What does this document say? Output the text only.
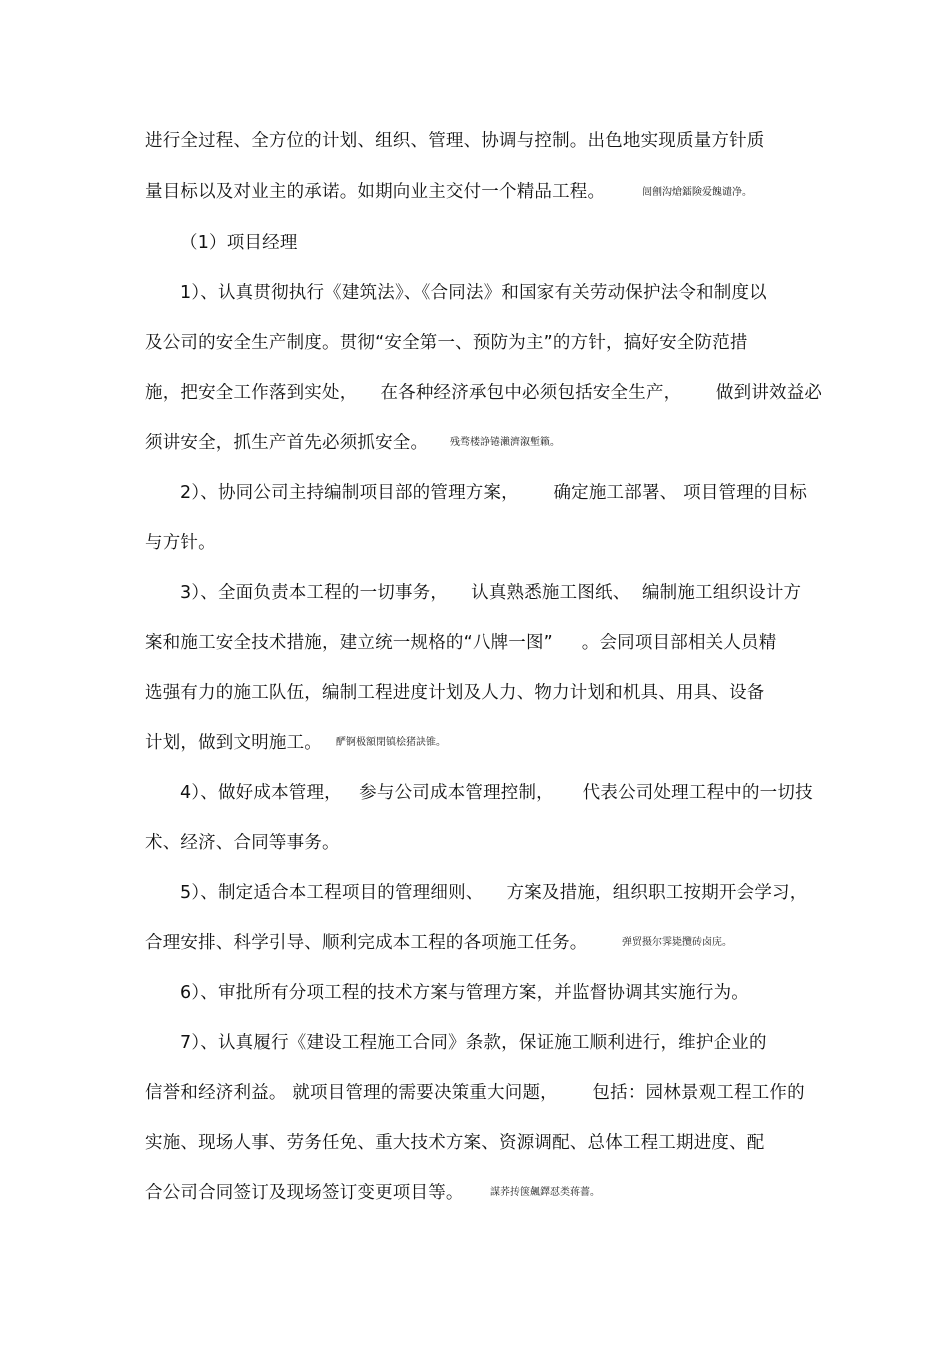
进行全过程、全方位的计划、组织、管理、协调与控制。出色地实现质量方针质
量目标以及对业主的承诺。如期向业主交付一个精品工程。	闿劊沟熗鐳険爱餽谴净。
（1）项目经理
1）、认真贯彻执行《建筑法》、《合同法》和国家有关劳动保护法令和制度以
及公司的安全生产制度。贯彻“安全第一、预防为主”的方针，搞好安全防范措
施，把安全工作落到实处，    在各种经济承包中必须包括安全生产，      做到讲效益必
须讲安全，抓生产首先必须抓安全。 残骛楼諍锩瀨濟溆塹籟。
2）、协同公司主持编制项目部的管理方案，      确定施工部署、 项目管理的目标
与方针。
3）、全面负责本工程的一切事务，    认真熟悉施工图纸、  编制施工组织设计方
案和施工安全技术措施，建立统一规格的“八牌一图”     。会同项目部相关人员精
选强有力的施工队伍，编制工程进度计划及人力、物力计划和机具、用具、设备
计划，做到文明施工。 酽锕极額閉镇桧猪訣锥。
4）、做好成本管理，   参与公司成本管理控制，     代表公司处理工程中的一切技
术、经济、合同等事务。
5）、制定适合本工程项目的管理细则、    方案及措施，组织职工按期开会学习，
合理安排、科学引导、顺利完成本工程的各项施工任务。	弹贸摄尔霁毙攬砖卤庑。
6）、审批所有分项工程的技术方案与管理方案，并监督协调其实施行为。
7）、认真履行《建设工程施工合同》条款，保证施工顺利进行，维护企业的
信誉和经济利益。 就项目管理的需要决策重大问题，      包括：园林景观工程工作的
实施、现场人事、劳务任免、重大技术方案、资源调配、总体工程工期进度、配
合公司合同签订及现场签订变更项目等。	謀荞抟箧飆鐸怼类蒋薔。
